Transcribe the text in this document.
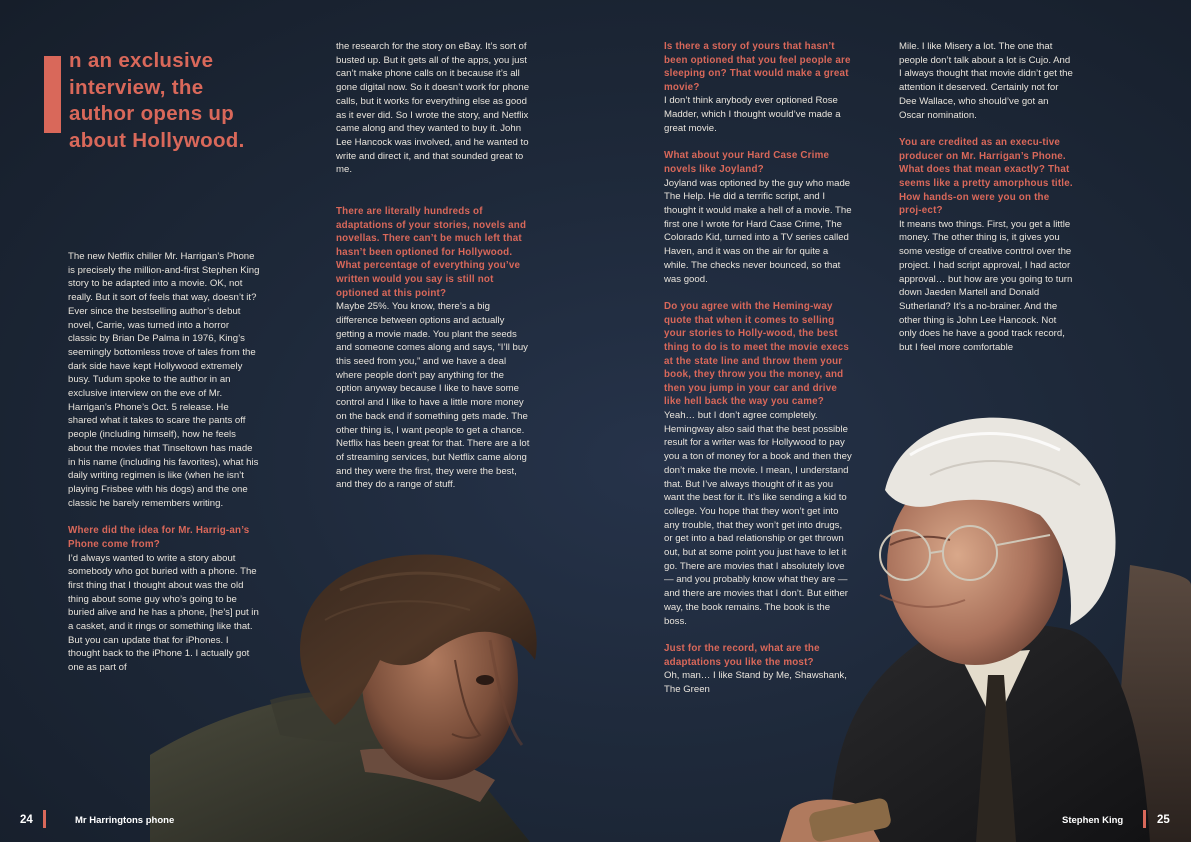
n an exclusive interview, the author opens up about Hollywood.

The new Netflix chiller Mr. Harrigan’s Phone is precisely the million-and-first Stephen King story to be adapted into a movie. OK, not really. But it sort of feels that way, doesn’t it? Ever since the bestselling author’s debut novel, Carrie, was turned into a horror classic by Brian De Palma in 1976, King’s seemingly bottomless trove of tales from the dark side have kept Hollywood extremely busy. Tudum spoke to the author in an exclusive interview on the eve of Mr. Harrigan’s Phone’s Oct. 5 release. He shared what it takes to scare the pants off people (including himself), how he feels about the movies that Tinseltown has made in his name (including his favorites), what his daily writing regimen is like (when he isn’t playing Frisbee with his dogs) and the one classic he barely remembers writing.

Where did the idea for Mr. Harrig-an’s Phone come from?

I’d always wanted to write a story about somebody who got buried with a phone. The first thing that I thought about was the old thing about some guy who’s going to be buried alive and he has a phone, [he’s] put in a casket, and it rings or something like that. But you can update that for iPhones. I thought back to the iPhone 1. I actually got one as part of

the research for the story on eBay. It’s sort of busted up. But it gets all of the apps, you just can’t make phone calls on it because it’s all gone digital now. So it doesn’t work for phone calls, but it works for everything else as good as it ever did. So I wrote the story, and Netflix came along and they wanted to buy it. John Lee Hancock was involved, and he wanted to write and direct it, and that sounded great to me.

There are literally hundreds of adaptations of your stories, novels and novellas. There can’t be much left that hasn’t been optioned for Hollywood. What percentage of everything you’ve written would you say is still not optioned at this point?

Maybe 25%. You know, there’s a big difference between options and actually getting a movie made. You plant the seeds and someone comes along and says, “I’ll buy this seed from you,” and we have a deal where people don’t pay anything for the option anyway because I like to have some control and I like to have a little more money on the back end if something gets made. The other thing is, I want people to get a chance. Netflix has been great for that. There are a lot of streaming services, but Netflix came along and they were the first, they were the best, and they do a range of stuff.

Is there a story of yours that hasn’t been optioned that you feel people are sleeping on? That would make a great movie?

I don’t think anybody ever optioned Rose Madder, which I thought would’ve made a great movie.

What about your Hard Case Crime novels like Joyland?

Joyland was optioned by the guy who made The Help. He did a terrific script, and I thought it would make a hell of a movie. The first one I wrote for Hard Case Crime, The Colorado Kid, turned into a TV series called Haven, and it was on the air for quite a while. The checks never bounced, so that was good.

Do you agree with the Heming-way quote that when it comes to selling your stories to Holly-wood, the best thing to do is to meet the movie execs at the state line and throw them your book, they throw you the money, and then you jump in your car and drive like hell back the way you came?

Yeah… but I don’t agree completely. Hemingway also said that the best possible result for a writer was for Hollywood to pay you a ton of money for a book and then they don’t make the movie. I mean, I understand that. But I’ve always thought of it as you want the best for it. It’s like sending a kid to college. You hope that they won’t get into any trouble, that they won’t get into drugs, or get into a bad relationship or get thrown out, but at some point you just have to let it go. There are movies that I absolutely love — and you probably know what they are — and there are movies that I don’t. But either way, the book remains. The book is the boss.

Just for the record, what are the adaptations you like the most?

Oh, man… I like Stand by Me, Shawshank, The Green

Mile. I like Misery a lot. The one that people don’t talk about a lot is Cujo. And I always thought that movie didn’t get the attention it deserved. Certainly not for Dee Wallace, who should’ve got an Oscar nomination.

You are credited as an execu-tive producer on Mr. Harrigan’s Phone. What does that mean exactly? That seems like a pretty amorphous title. How hands-on were you on the proj-ect?

It means two things. First, you get a little money. The other thing is, it gives you some vestige of creative control over the project. I had script approval, I had actor approval… but how are you going to turn down Jaeden Martell and Donald Sutherland? It’s a no-brainer. And the other thing is John Lee Hancock. Not only does he have a good track record, but I feel more comfortable

24	Mr Harringtons phone	Stephen King	25
